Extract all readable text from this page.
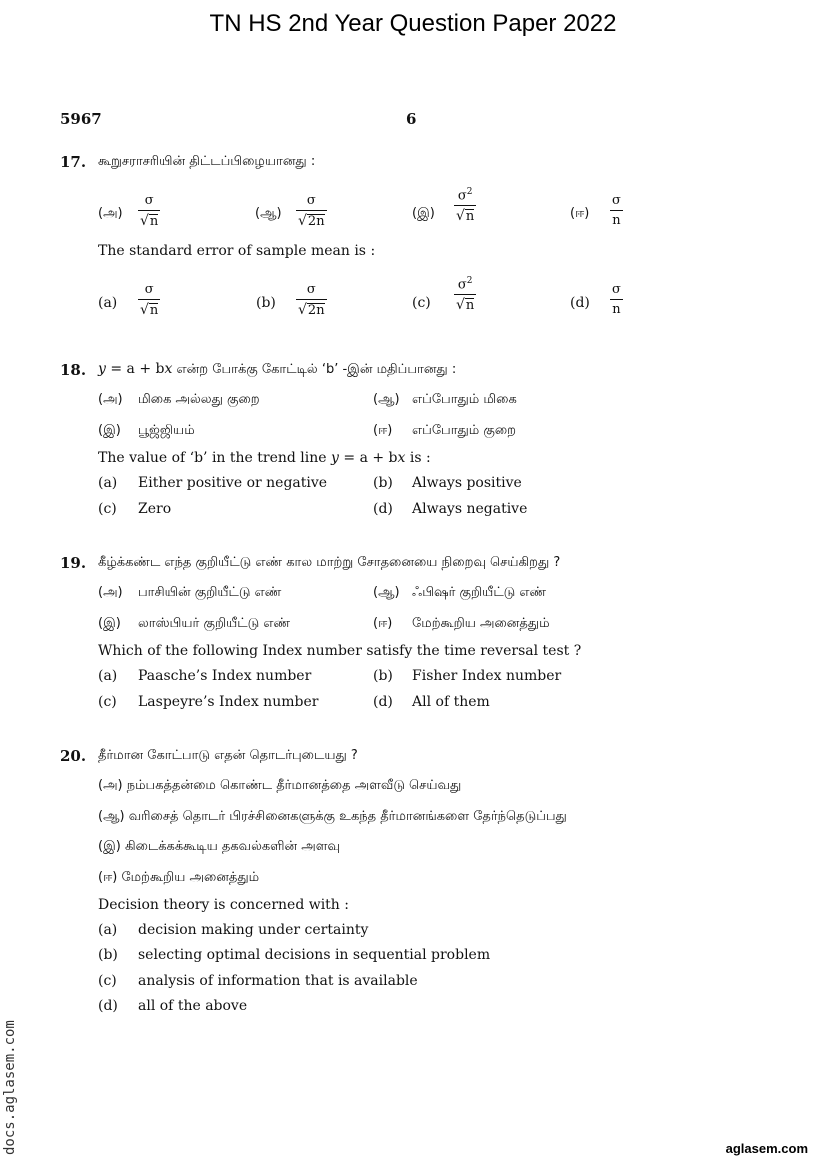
TN HS 2nd Year Question Paper 2022
5967	6
17. கூறுசராசரியின் திட்டப்பிழையானது :
(அ) $\frac{\sigma}{√n}$	(ஆ) $\frac{\sigma}{√2n}$	(இ) $\frac{\sigma^2}{√n}$	(ஈ) $\frac{\sigma}{n}$
The standard error of sample mean is :
$(a) \frac{\sigma}{√n}$	$(b) \frac{\sigma}{√2n}$	$(c) \frac{\sigma^2}{√n}$	$(d) \frac{\sigma}{n}$
18. y = a + bx என்ற போக்கு கோட்டில் ‘b’ -இன் மதிப்பானது :
(அ) மிகை அல்லது குறை	(ஆ) எப்போதும் மிகை
(இ) பூஜ்ஜியம்	(ஈ) எப்போதும் குறை
The value of ‘b’ in the trend line y = a + bx is :
(a) Either positive or negative	(b) Always positive
(c) Zero	(d) Always negative
19. கீழ்க்கண்ட எந்த குறியீட்டு எண் கால மாற்று சோதனையை நிறைவு செய்கிறது ?
(அ) பாசியின் குறியீட்டு எண்	(ஆ) ஃபிஷர் குறியீட்டு எண்
(இ) லாஸ்பியர் குறியீட்டு எண்	(ஈ) மேற்கூறிய அனைத்தும்
Which of the following Index number satisfy the time reversal test ?
(a) Paasche’s Index number	(b) Fisher Index number
(c) Laspeyre’s Index number	(d) All of them
20. தீர்மான கோட்பாடு எதன் தொடர்புடையது ?
(அ) நம்பகத்தன்மை கொண்ட தீர்மானத்தை அளவீடு செய்வது
(ஆ) வரிசைத் தொடர் பிரச்சினைகளுக்கு உகந்த தீர்மானங்களை தேர்ந்தெடுப்பது
(இ) கிடைக்கக்கூடிய தகவல்களின் அளவு
(ஈ) மேற்கூறிய அனைத்தும்
Decision theory is concerned with :
(a) decision making under certainty
(b) selecting optimal decisions in sequential problem
(c) analysis of information that is available
(d) all of the above
docs.aglasem.com	aglasem.com
